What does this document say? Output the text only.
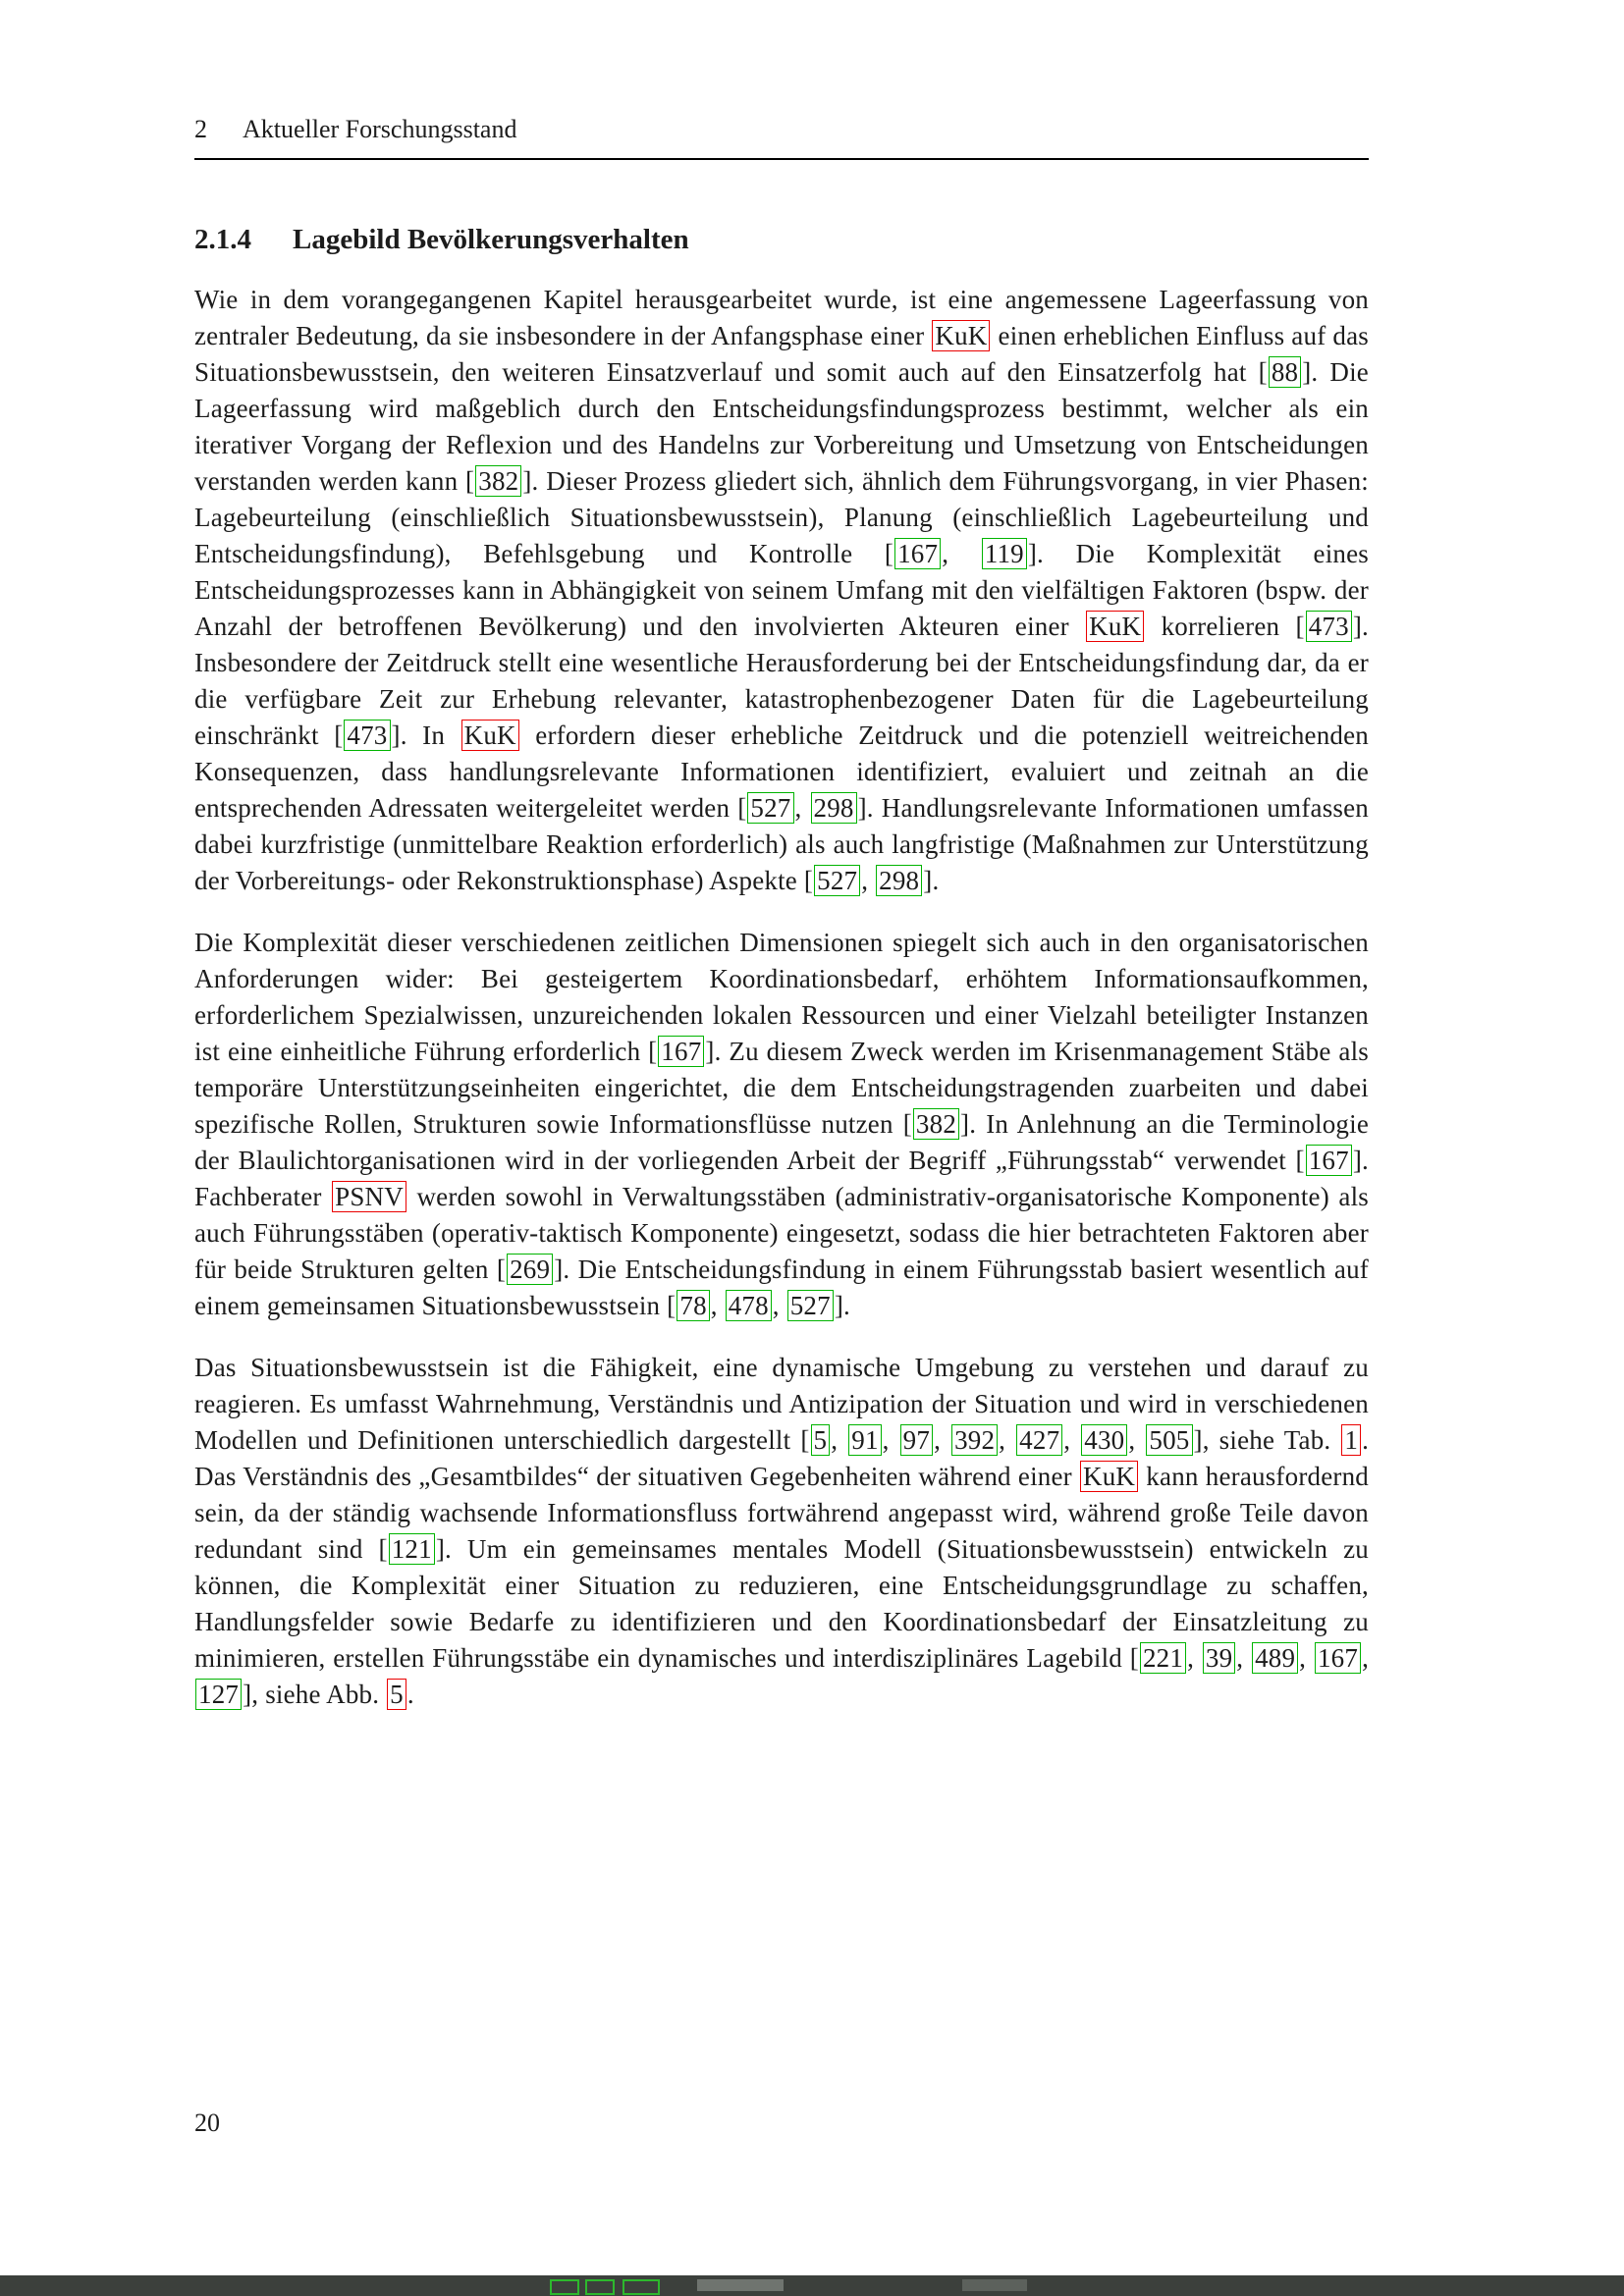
2 Aktueller Forschungsstand
2.1.4 Lagebild Bevölkerungsverhalten

Wie in dem vorangegangenen Kapitel herausgearbeitet wurde, ist eine angemessene Lageerfassung von zentraler Bedeutung, da sie insbesondere in der Anfangsphase einer KuK einen erheblichen Einfluss auf das Situationsbewusstsein, den weiteren Einsatzverlauf und somit auch auf den Einsatzerfolg hat [ 88 ]. Die Lageerfassung wird maßgeblich durch den Entscheidungsfindungsprozess bestimmt, welcher als ein iterativer Vorgang der Reflexion und des Handelns zur Vorbereitung und Umsetzung von Entscheidungen verstanden werden kann [ 382 ]. Dieser Prozess gliedert sich, ähnlich dem Führungsvorgang, in vier Phasen: Lagebeurteilung (einschließlich Situationsbewusstsein), Planung (einschließlich Lagebeurteilung und Entscheidungsfindung), Befehlsgebung und Kontrolle [ 167 , 119 ]. Die Komplexität eines Entscheidungsprozesses kann in Abhängigkeit von seinem Umfang mit den vielfältigen Faktoren (bspw. der Anzahl der betroffenen Bevölkerung) und den involvierten Akteuren einer KuK korrelieren [ 473 ]. Insbesondere der Zeitdruck stellt eine wesentliche Herausforderung bei der Entscheidungsfindung dar, da er die verfügbare Zeit zur Erhebung relevanter, katastrophenbezogener Daten für die Lagebeurteilung einschränkt [ 473 ]. In KuK erfordern dieser erhebliche Zeitdruck und die potenziell weitreichenden Konsequenzen, dass handlungsrelevante Informationen identifiziert, evaluiert und zeitnah an die entsprechenden Adressaten weitergeleitet werden [ 527 , 298 ]. Handlungsrelevante Informationen umfassen dabei kurzfristige (unmittelbare Reaktion erforderlich) als auch langfristige (Maßnahmen zur Unterstützung der Vorbereitungs- oder Rekonstruktionsphase) Aspekte [ 527 , 298 ].

Die Komplexität dieser verschiedenen zeitlichen Dimensionen spiegelt sich auch in den organisatorischen Anforderungen wider: Bei gesteigertem Koordinationsbedarf, erhöhtem Informationsaufkommen, erforderlichem Spezialwissen, unzureichenden lokalen Ressourcen und einer Vielzahl beteiligter Instanzen ist eine einheitliche Führung erforderlich [ 167 ]. Zu diesem Zweck werden im Krisenmanagement Stäbe als temporäre Unterstützungseinheiten eingerichtet, die dem Entscheidungstragenden zuarbeiten und dabei spezifische Rollen, Strukturen sowie Informationsflüsse nutzen [ 382 ]. In Anlehnung an die Terminologie der Blaulichtorganisationen wird in der vorliegenden Arbeit der Begriff „Führungsstab“ verwendet [ 167 ]. Fachberater PSNV werden sowohl in Verwaltungsstäben (administrativ-organisatorische Komponente) als auch Führungsstäben (operativ-taktisch Komponente) eingesetzt, sodass die hier betrachteten Faktoren aber für beide Strukturen gelten [ 269 ]. Die Entscheidungsfindung in einem Führungsstab basiert wesentlich auf einem gemeinsamen Situationsbewusstsein [ 78 , 478 , 527 ].

Das Situationsbewusstsein ist die Fähigkeit, eine dynamische Umgebung zu verstehen und darauf zu reagieren. Es umfasst Wahrnehmung, Verständnis und Antizipation der Situation und wird in verschiedenen Modellen und Definitionen unterschiedlich dargestellt [ 5 , 91 , 97 , 392 , 427 , 430 , 505 ], siehe Tab. 1 . Das Verständnis des „Gesamtbildes“ der situativen Gegebenheiten während einer KuK kann herausfordernd sein, da der ständig wachsende Informationsfluss fortwährend angepasst wird, während große Teile davon redundant sind [ 121 ]. Um ein gemeinsames mentales Modell (Situationsbewusstsein) entwickeln zu können, die Komplexität einer Situation zu reduzieren, eine Entscheidungsgrundlage zu schaffen, Handlungsfelder sowie Bedarfe zu identifizieren und den Koordinationsbedarf der Einsatzleitung zu minimieren, erstellen Führungsstäbe ein dynamisches und interdisziplinäres Lagebild [ 221 , 39 , 489 , 167 , 127 ], siehe Abb. 5 .

20
